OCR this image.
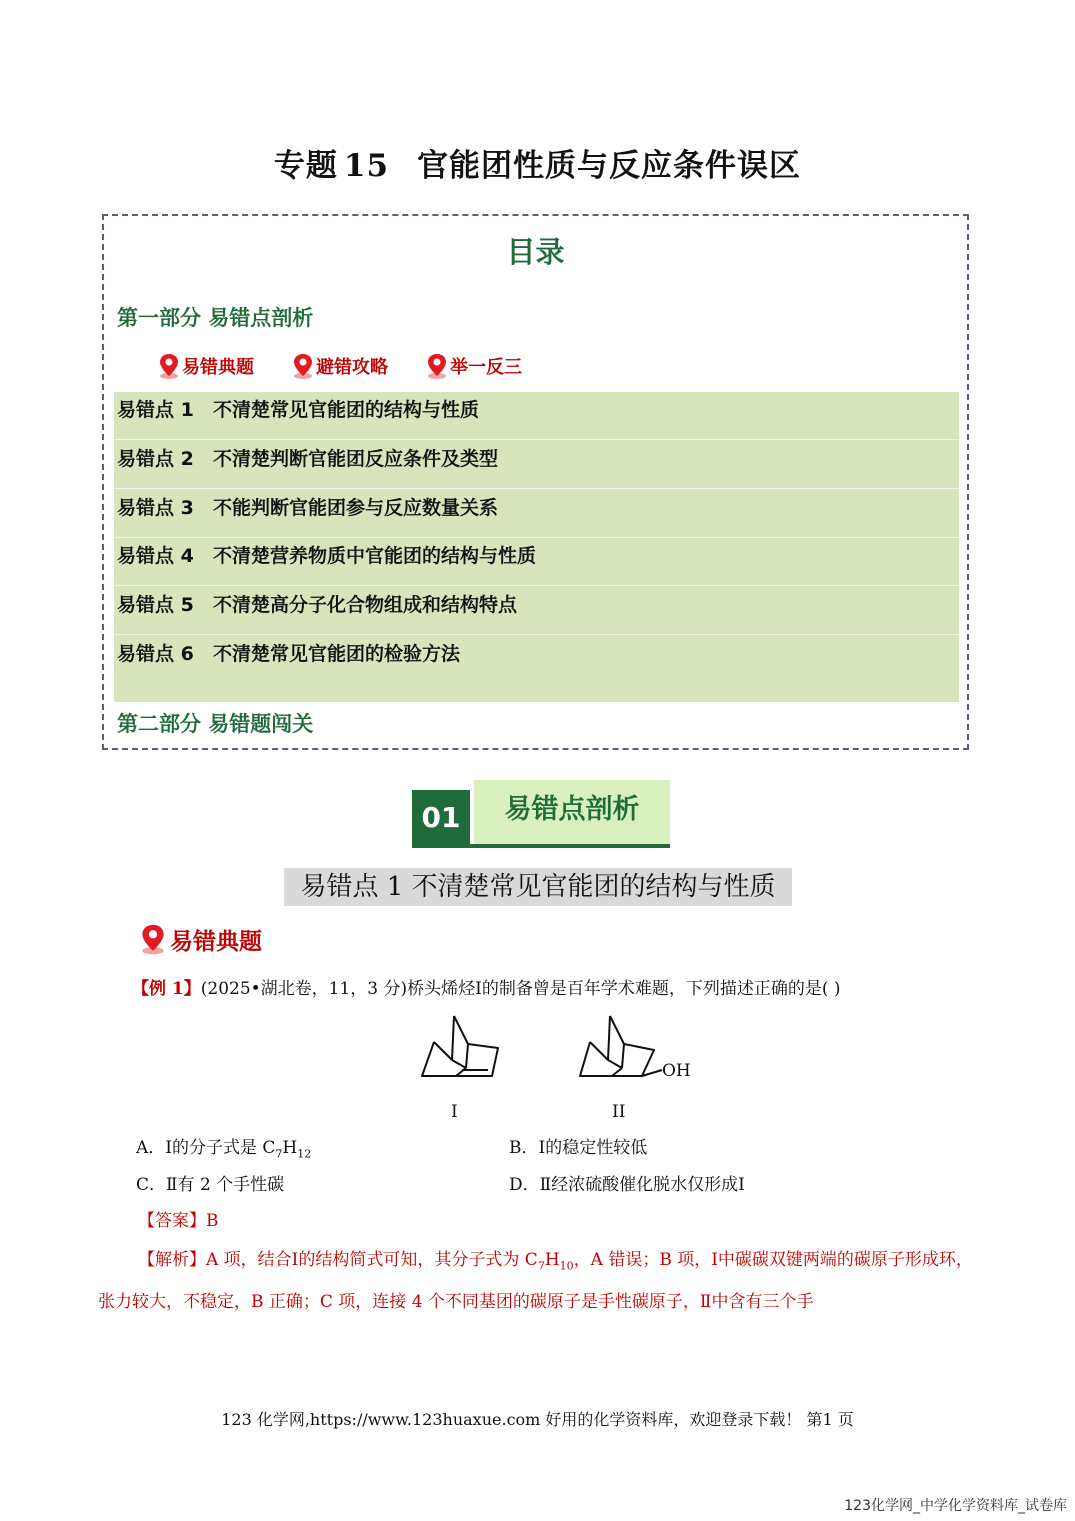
专题 15 官能团性质与反应条件误区
目录
第一部分 易错点剖析
易错典题	避错攻略	举一反三
易错点 1 不清楚常见官能团的结构与性质
易错点 2 不清楚判断官能团反应条件及类型
易错点 3 不能判断官能团参与反应数量关系
易错点 4 不清楚营养物质中官能团的结构与性质
易错点 5 不清楚高分子化合物组成和结构特点
易错点 6 不清楚常见官能团的检验方法
第二部分 易错题闯关
01	易错点剖析
易错点 1 不清楚常见官能团的结构与性质
易错典题
【例 1】(2025•湖北卷，11，3 分)桥头烯烃Ⅰ的制备曾是百年学术难题，下列描述正确的是( )
I
OH
II
A．Ⅰ的分子式是 $C_7H_{12}$	B．Ⅰ的稳定性较低
C．Ⅱ有 2 个手性碳	D．Ⅱ经浓硫酸催化脱水仅形成Ⅰ
【答案】B
【解析】A 项，结合Ⅰ的结构简式可知，其分子式为 $C_7H_{10}$，A 错误；B 项，Ⅰ中碳碳双键两端的碳原子形成环，张力较大，不稳定，B 正确；C 项，连接 4 个不同基团的碳原子是手性碳原子，Ⅱ中含有三个手
123 化学网,https://www.123huaxue.com 好用的化学资料库，欢迎登录下载！ 第1 页
123化学网_中学化学资料库_试卷库
